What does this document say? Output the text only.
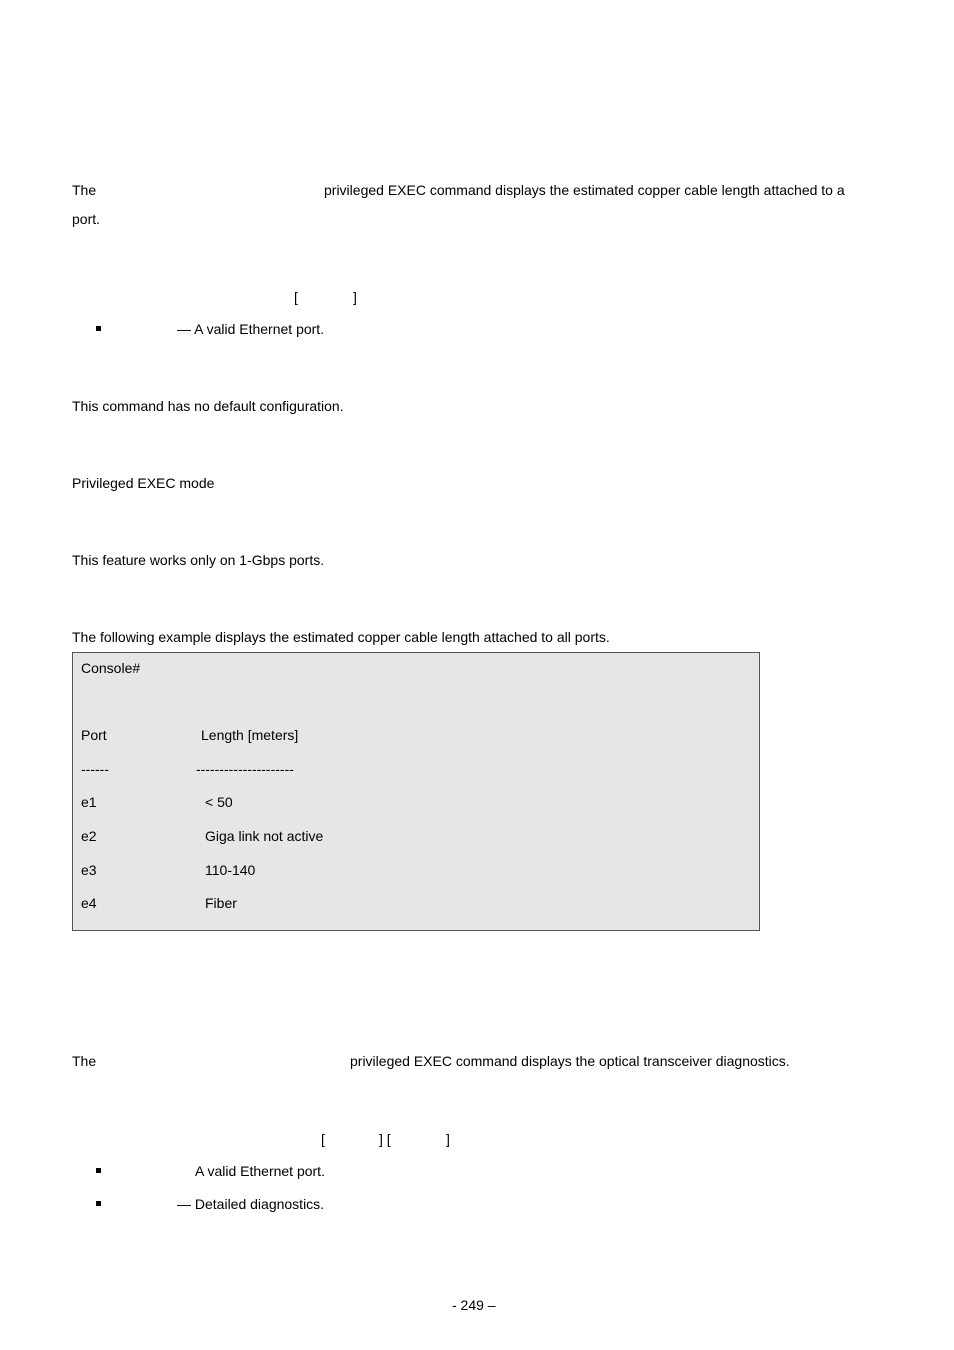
The	privileged EXEC command displays the estimated copper cable length attached to a
port.
[	]
— A valid Ethernet port.
This command has no default configuration.
Privileged EXEC mode
This feature works only on 1-Gbps ports.
The following example displays the estimated copper cable length attached to all ports.
Console#
Port	Length [meters]
------	---------------------
e1	< 50
e2	Giga link not active
e3	110-140
e4	Fiber
The	privileged EXEC command displays the optical transceiver diagnostics.
[	] [	]
A valid Ethernet port.
— Detailed diagnostics.
- 249 –
